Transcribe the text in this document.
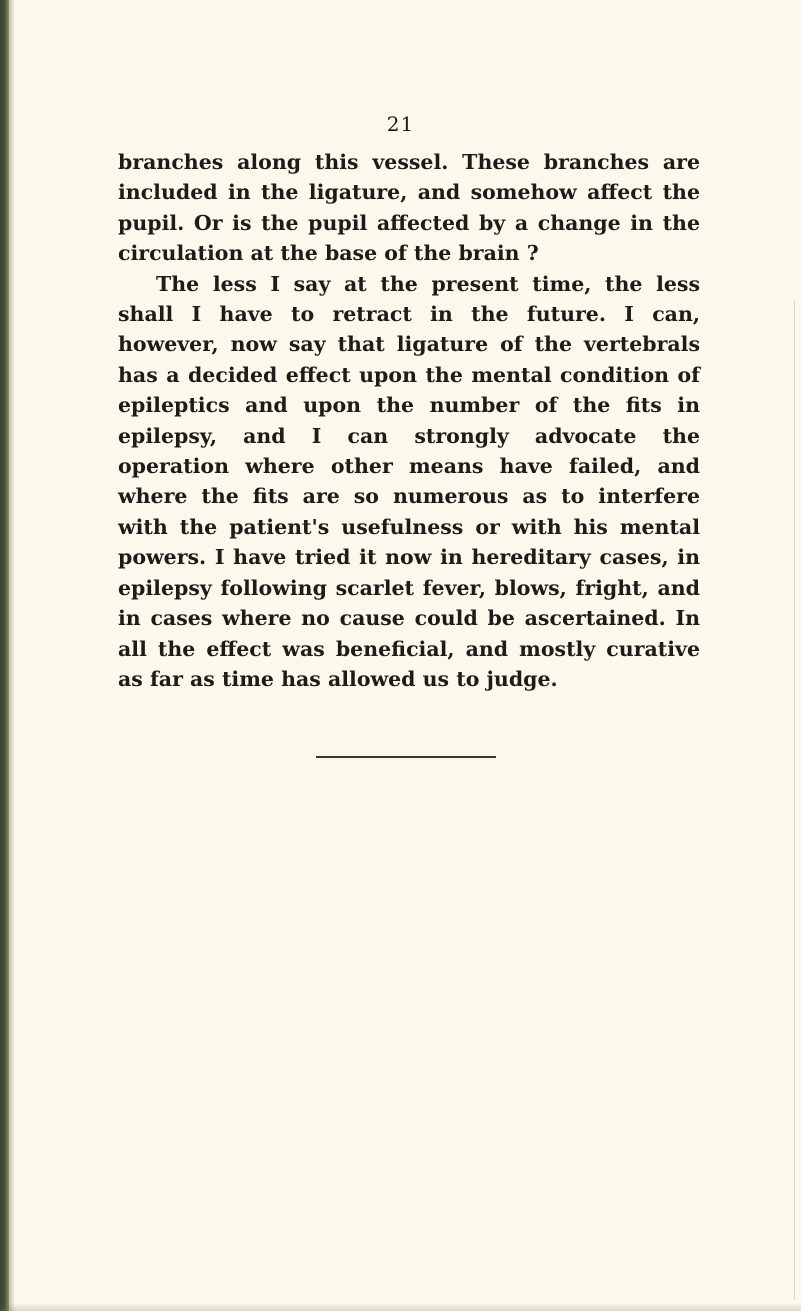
21

branches along this vessel. These branches are included in the ligature, and somehow affect the pupil. Or is the pupil affected by a change in the circulation at the base of the brain ?

The less I say at the present time, the less shall I have to retract in the future. I can, however, now say that ligature of the vertebrals has a decided effect upon the mental condition of epileptics and upon the number of the fits in epilepsy, and I can strongly advocate the operation where other means have failed, and where the fits are so numerous as to interfere with the patient's usefulness or with his mental powers. I have tried it now in hereditary cases, in epilepsy following scarlet fever, blows, fright, and in cases where no cause could be ascertained. In all the effect was beneficial, and mostly curative as far as time has allowed us to judge.
